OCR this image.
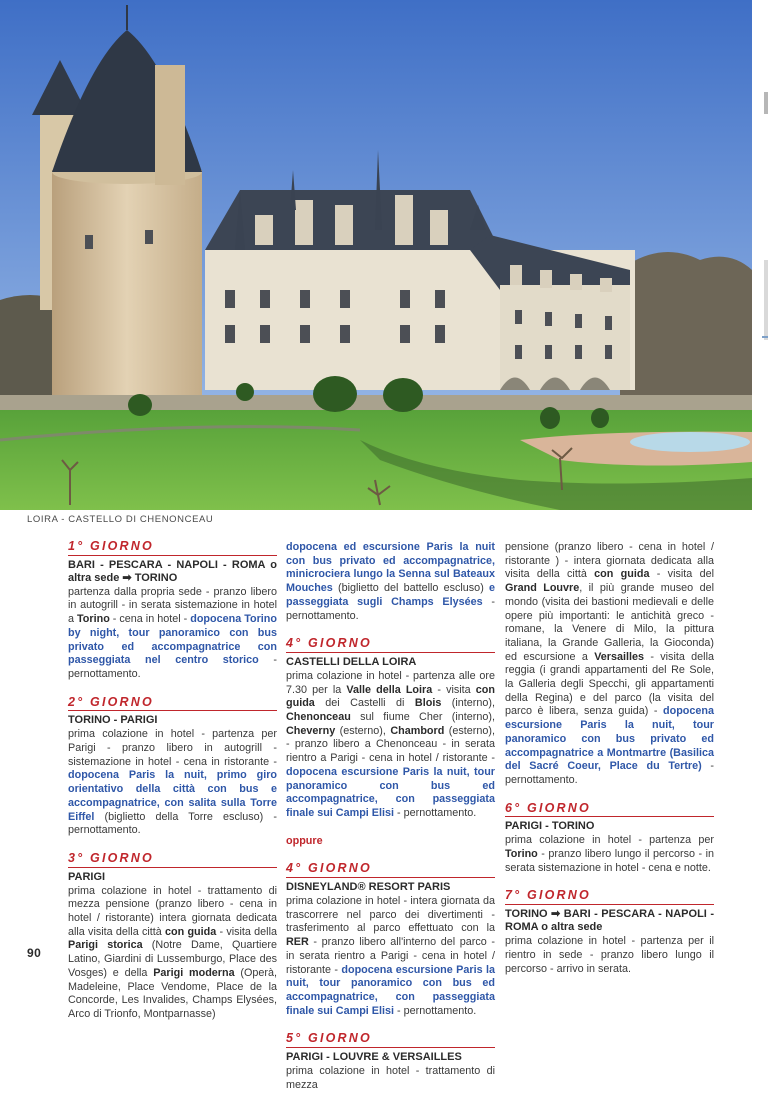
LOIRA - CASTELLO DI CHENONCEAU
1° GIORNO
BARI - PESCARA - NAPOLI - ROMA o altra sede ➡ TORINO
partenza dalla propria sede - pranzo libero in autogrill - in serata sistemazione in hotel a Torino - cena in hotel - dopocena Torino by night, tour panoramico con bus privato ed accompagnatrice con passeggiata nel centro storico - pernottamento.
2° GIORNO
TORINO - PARIGI
prima colazione in hotel - partenza per Parigi - pranzo libero in autogrill - sistemazione in hotel - cena in ristorante - dopocena Paris la nuit, primo giro orientativo della città con bus e accompagnatrice, con salita sulla Torre Eiffel (biglietto della Torre escluso) - pernottamento.
3° GIORNO
PARIGI
prima colazione in hotel - trattamento di mezza pensione (pranzo libero - cena in hotel / ristorante) intera giornata dedicata alla visita della città con guida - visita della Parigi storica (Notre Dame, Quartiere Latino, Giardini di Lussemburgo, Place des Vosges) e della Parigi moderna (Operà, Madeleine, Place Vendome, Place de la Concorde, Les Invalides, Champs Elysées, Arco di Trionfo, Montparnasse)
dopocena ed escursione Paris la nuit con bus privato ed accompagnatrice, minicrociera lungo la Senna sul Bateaux Mouches (biglietto del battello escluso) e passeggiata sugli Champs Elysées - pernottamento.
4° GIORNO
CASTELLI DELLA LOIRA
prima colazione in hotel - partenza alle ore 7.30 per la Valle della Loira - visita con guida dei Castelli di Blois (interno), Chenonceau sul fiume Cher (interno), Cheverny (esterno), Chambord (esterno), - pranzo libero a Chenonceau - in serata rientro a Parigi - cena in hotel / ristorante - dopocena escursione Paris la nuit, tour panoramico con bus ed accompagnatrice, con passeggiata finale sui Campi Elisi - pernottamento.
oppure
4° GIORNO
DISNEYLAND® RESORT PARIS
prima colazione in hotel - intera giornata da trascorrere nel parco dei divertimenti - trasferimento al parco effettuato con la RER - pranzo libero all'interno del parco - in serata rientro a Parigi - cena in hotel / ristorante - dopocena escursione Paris la nuit, tour panoramico con bus ed accompagnatrice, con passeggiata finale sui Campi Elisi - pernottamento.
5° GIORNO
PARIGI - LOUVRE & VERSAILLES
prima colazione in hotel - trattamento di mezza
pensione (pranzo libero - cena in hotel / ristorante ) - intera giornata dedicata alla visita della città con guida - visita del Grand Louvre, il più grande museo del mondo (visita dei bastioni medievali e delle opere più importanti: le antichità greco - romane, la Venere di Milo, la pittura italiana, la Grande Galleria, la Gioconda) ed escursione a Versailles - visita della reggia (i grandi appartamenti del Re Sole, la Galleria degli Specchi, gli appartamenti della Regina) e del parco (la visita del parco è libera, senza guida) - dopocena escursione Paris la nuit, tour panoramico con bus privato ed accompagnatrice a Montmartre (Basilica del Sacré Coeur, Place du Tertre) - pernottamento.
6° GIORNO
PARIGI - TORINO
prima colazione in hotel - partenza per Torino - pranzo libero lungo il percorso - in serata sistemazione in hotel - cena e notte.
7° GIORNO
TORINO ➡ BARI - PESCARA - NAPOLI - ROMA o altra sede
prima colazione in hotel - partenza per il rientro in sede - pranzo libero lungo il percorso - arrivo in serata.
90
